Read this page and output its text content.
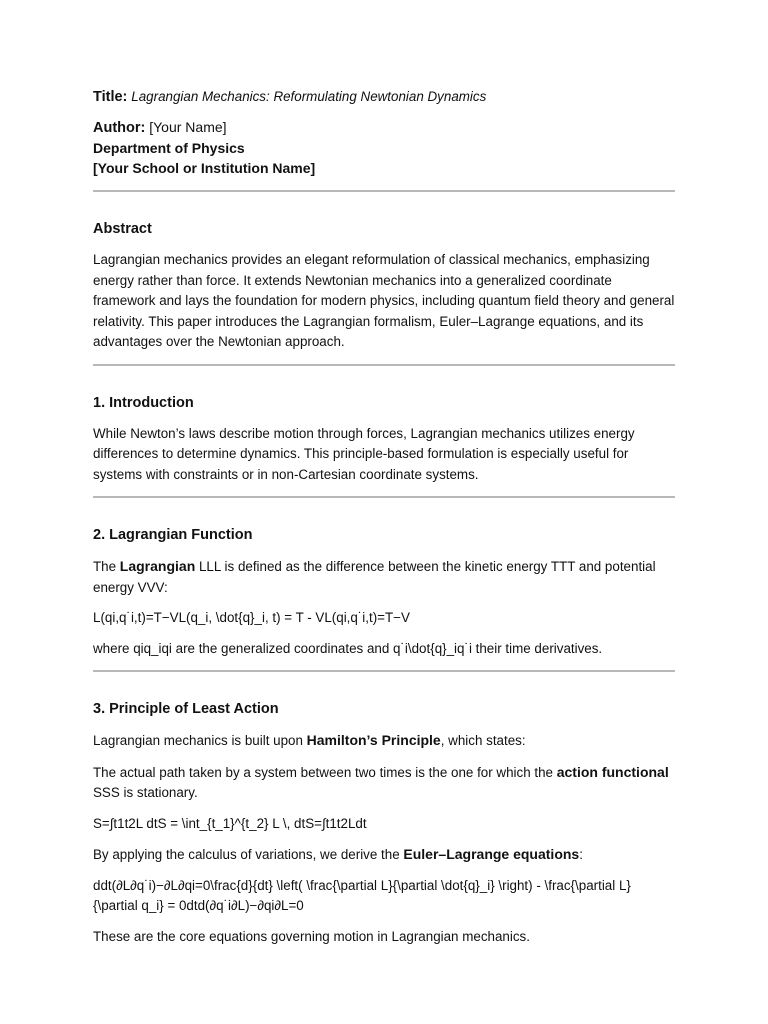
Title: Lagrangian Mechanics: Reformulating Newtonian Dynamics
Author: [Your Name]
Department of Physics
[Your School or Institution Name]
Abstract

Lagrangian mechanics provides an elegant reformulation of classical mechanics, emphasizing energy rather than force. It extends Newtonian mechanics into a generalized coordinate framework and lays the foundation for modern physics, including quantum field theory and general relativity. This paper introduces the Lagrangian formalism, Euler–Lagrange equations, and its advantages over the Newtonian approach.

1. Introduction

While Newton’s laws describe motion through forces, Lagrangian mechanics utilizes energy differences to determine dynamics. This principle-based formulation is especially useful for systems with constraints or in non-Cartesian coordinate systems.

2. Lagrangian Function

The Lagrangian LLL is defined as the difference between the kinetic energy TTT and potential energy VVV:

L(qi,q˙i,t)=T−VL(q_i, \dot{q}_i, t) = T - VL(qi,q˙i,t)=T−V

where qiq_iqi are the generalized coordinates and q˙i\dot{q}_iq˙i their time derivatives.

3. Principle of Least Action

Lagrangian mechanics is built upon Hamilton’s Principle, which states:

The actual path taken by a system between two times is the one for which the action functional SSS is stationary.

S=∫t1t2L dtS = \int_{t_1}^{t_2} L \, dtS=∫t1t2Ldt

By applying the calculus of variations, we derive the Euler–Lagrange equations:

ddt(∂L∂q˙i)−∂L∂qi=0\frac{d}{dt} \left( \frac{\partial L}{\partial \dot{q}_i} \right) - \frac{\partial L}{\partial q_i} = 0dtd(∂q˙i∂L)−∂qi∂L=0

These are the core equations governing motion in Lagrangian mechanics.
